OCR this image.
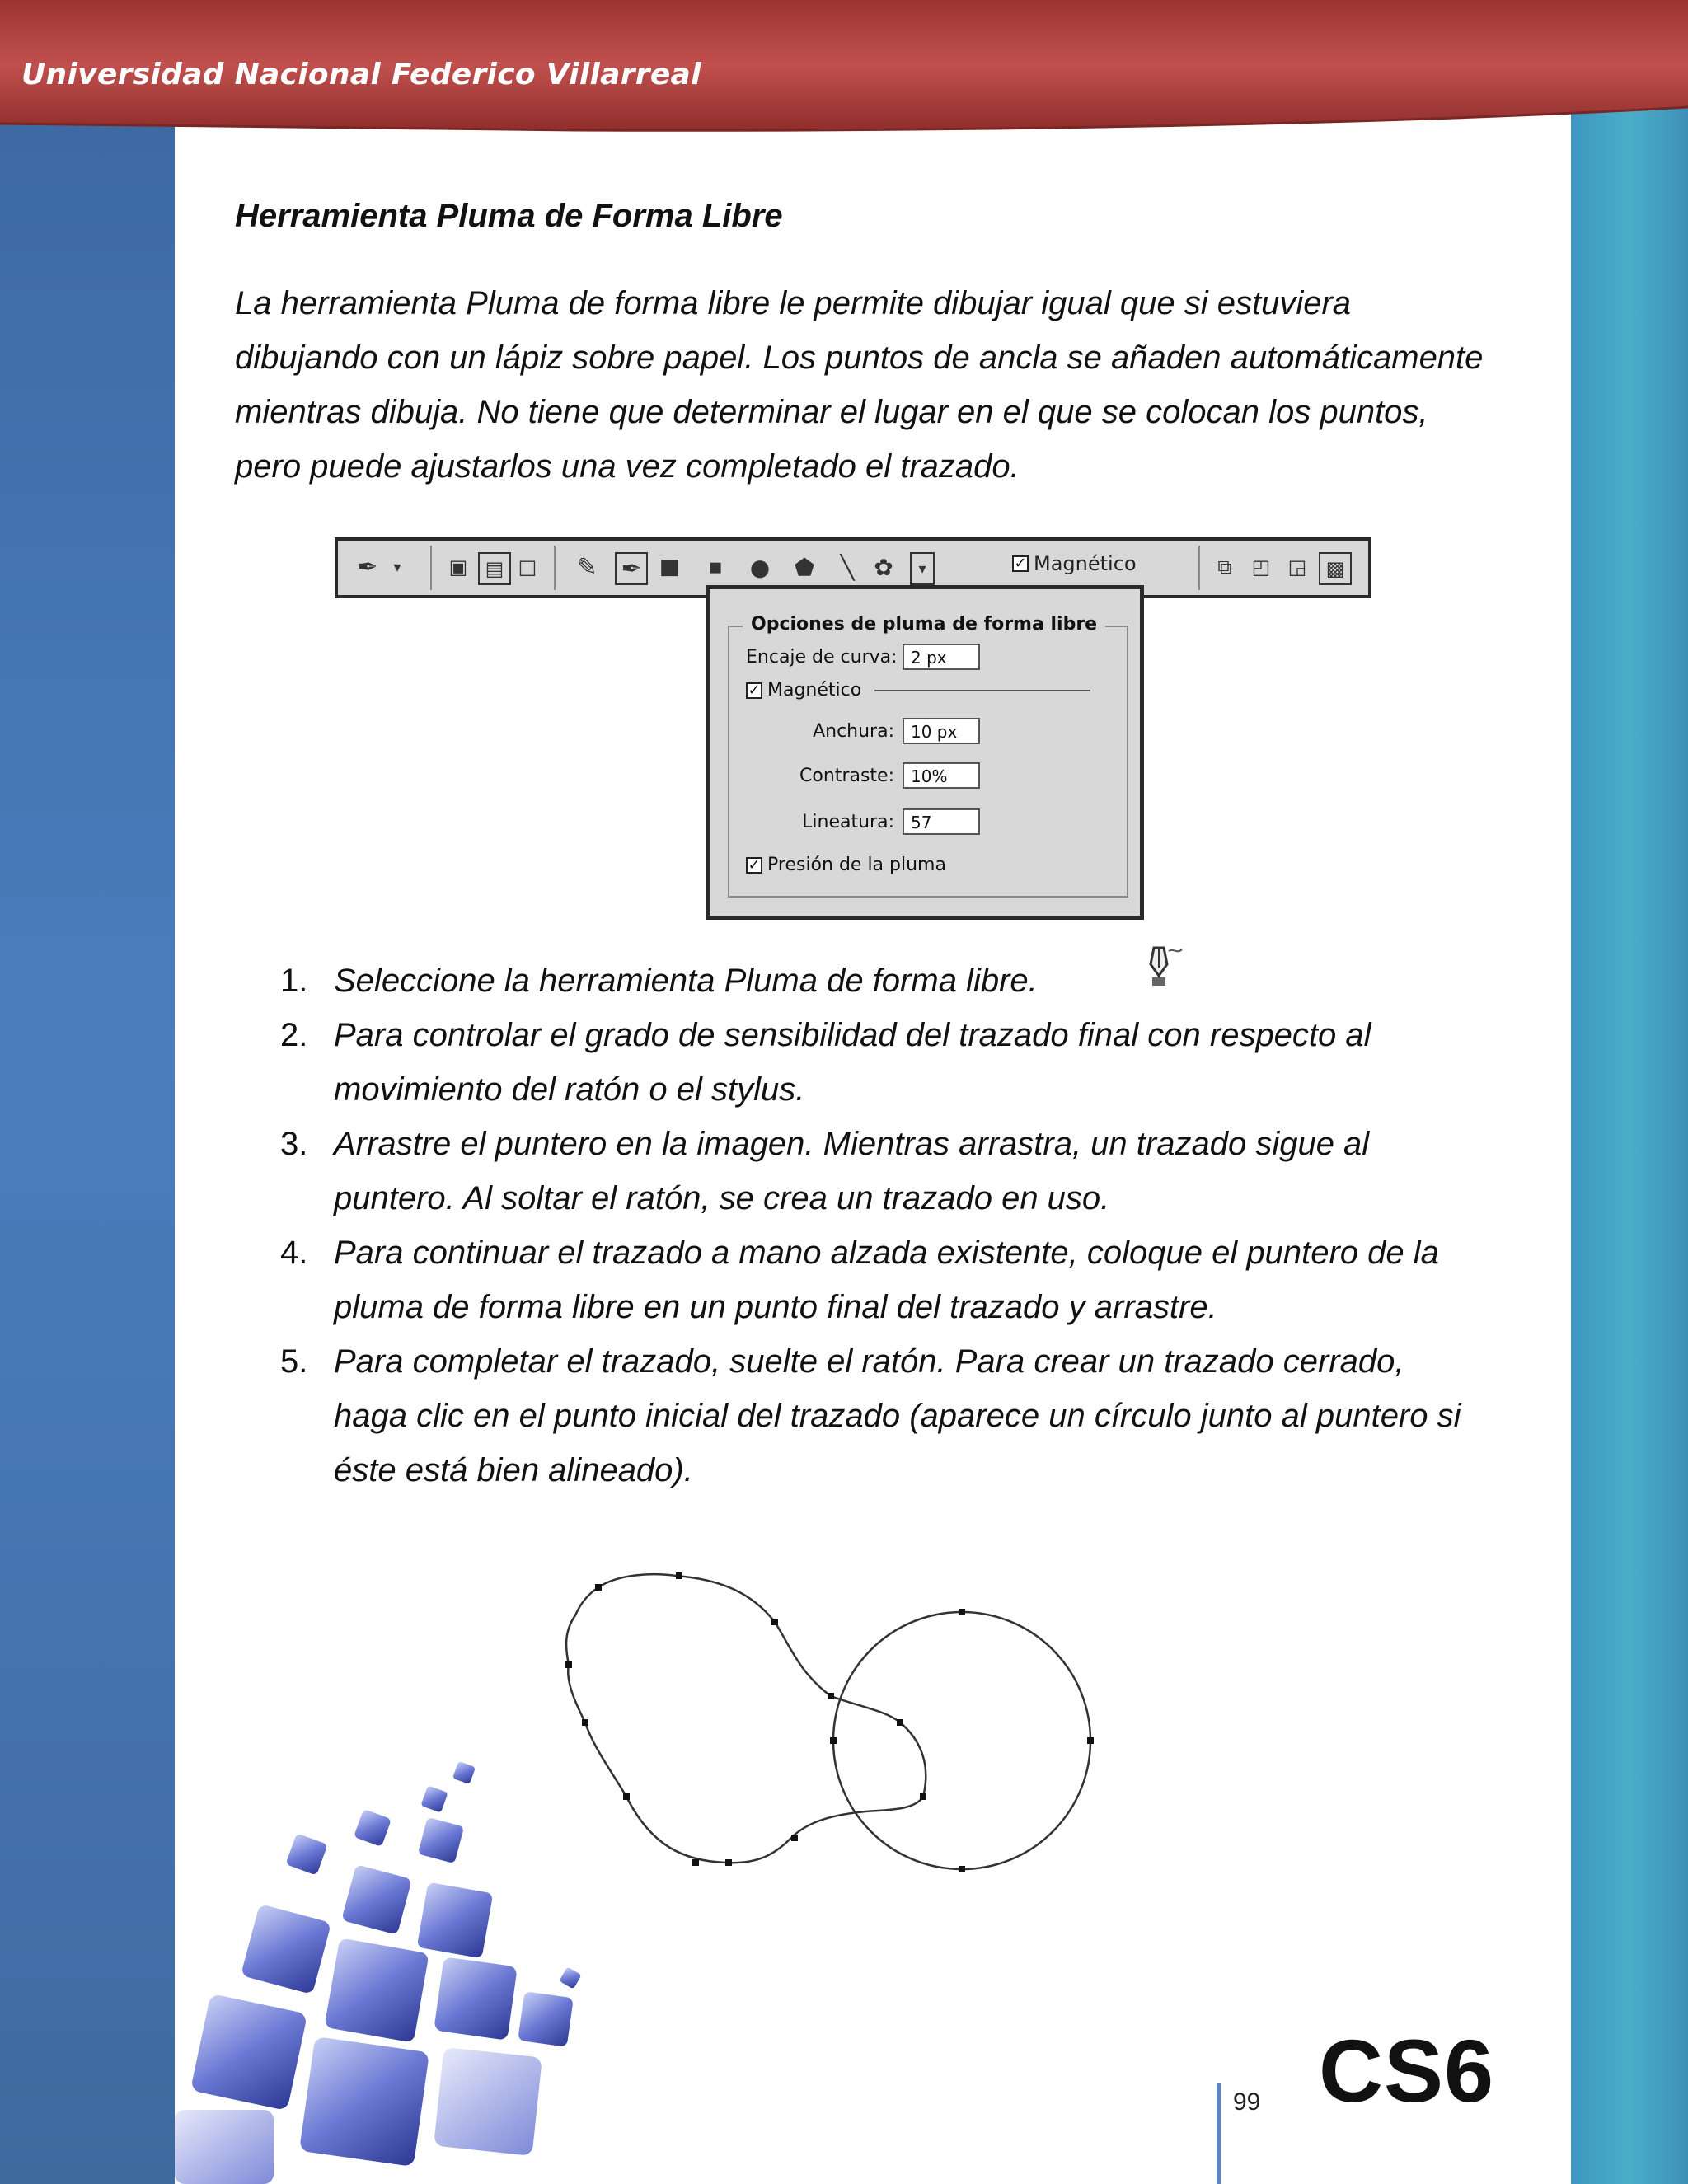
Universidad Nacional Federico Villarreal
Herramienta Pluma de Forma Libre

La herramienta Pluma de forma libre le permite dibujar igual que si estuviera dibujando con un lápiz sobre papel. Los puntos de ancla se añaden automáticamente mientras dibuja. No tiene que determinar el lugar en el que se colocan los puntos, pero puede ajustarlos una vez completado el trazado.

✒	▾	▣ ▤ □ ✎ ✒ ■	▪	● ⬟	╲ ✿	▾	✓ Magnético	⧉	◰ ◲ ▩
Opciones de pluma de forma libre
Encaje de curva: 2 px
✓ Magnético
Anchura:	10 px
Contraste:	10%
Lineatura:	57
✓ Presión de la pluma
1. Seleccione la herramienta Pluma de forma libre.
2. Para controlar el grado de sensibilidad del trazado final con respecto al movimiento del ratón o el stylus.
3. Arrastre el puntero en la imagen. Mientras arrastra, un trazado sigue al puntero. Al soltar el ratón, se crea un trazado en uso.
4. Para continuar el trazado a mano alzada existente, coloque el puntero de la pluma de forma libre en un punto final del trazado y arrastre.
5. Para completar el trazado, suelte el ratón. Para crear un trazado cerrado, haga clic en el punto inicial del trazado (aparece un círculo junto al puntero si éste está bien alineado).
99 CS6
